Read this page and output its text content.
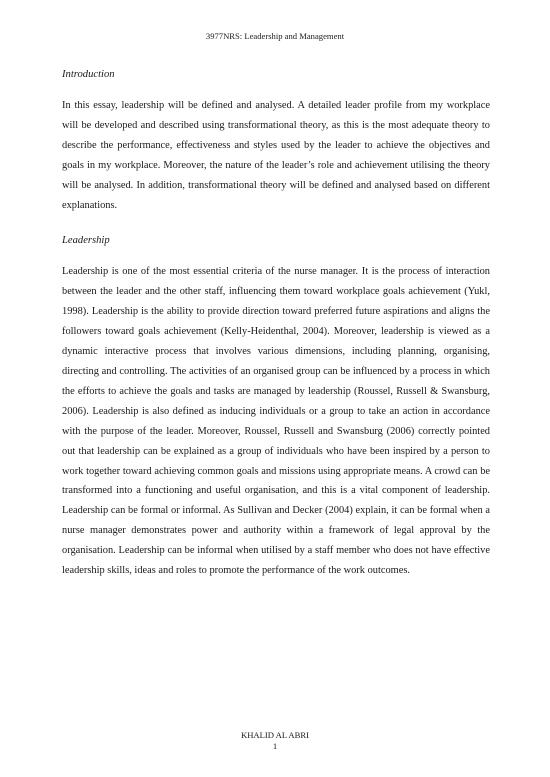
3977NRS: Leadership and Management

Introduction

In this essay, leadership will be defined and analysed. A detailed leader profile from my workplace will be developed and described using transformational theory, as this is the most adequate theory to describe the performance, effectiveness and styles used by the leader to achieve the objectives and goals in my workplace. Moreover, the nature of the leader’s role and achievement utilising the theory will be analysed. In addition, transformational theory will be defined and analysed based on different explanations.

Leadership

Leadership is one of the most essential criteria of the nurse manager. It is the process of interaction between the leader and the other staff, influencing them toward workplace goals achievement (Yukl, 1998). Leadership is the ability to provide direction toward preferred future aspirations and aligns the followers toward goals achievement (Kelly-Heidenthal, 2004). Moreover, leadership is viewed as a dynamic interactive process that involves various dimensions, including planning, organising, directing and controlling. The activities of an organised group can be influenced by a process in which the efforts to achieve the goals and tasks are managed by leadership (Roussel, Russell & Swansburg, 2006). Leadership is also defined as inducing individuals or a group to take an action in accordance with the purpose of the leader. Moreover, Roussel, Russell and Swansburg (2006) correctly pointed out that leadership can be explained as a group of individuals who have been inspired by a person to work together toward achieving common goals and missions using appropriate means. A crowd can be transformed into a functioning and useful organisation, and this is a vital component of leadership. Leadership can be formal or informal. As Sullivan and Decker (2004) explain, it can be formal when a nurse manager demonstrates power and authority within a framework of legal approval by the organisation. Leadership can be informal when utilised by a staff member who does not have effective leadership skills, ideas and roles to promote the performance of the work outcomes.

KHALID AL ABRI
1
